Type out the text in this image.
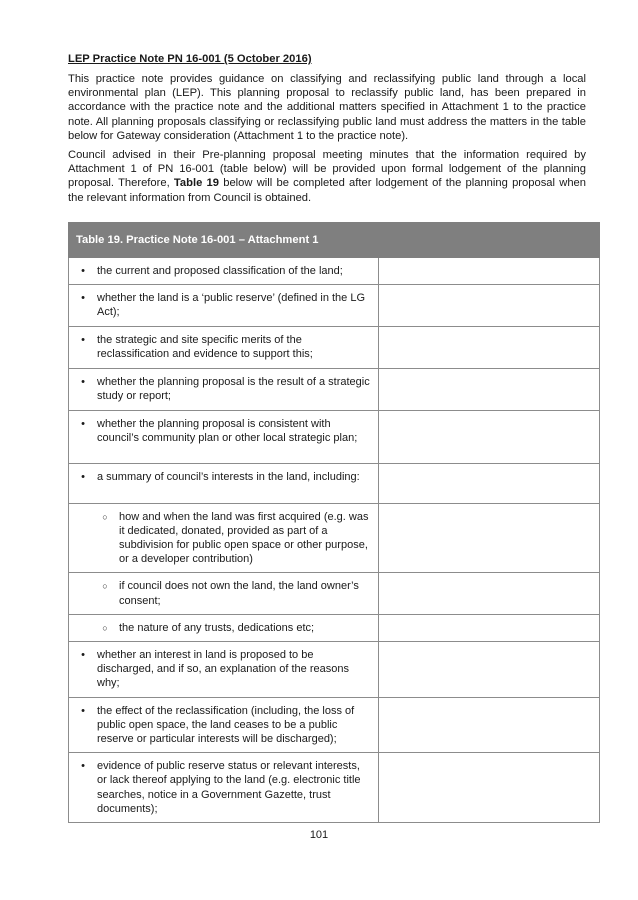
LEP Practice Note PN 16-001 (5 October 2016)

This practice note provides guidance on classifying and reclassifying public land through a local environmental plan (LEP). This planning proposal to reclassify public land, has been prepared in accordance with the practice note and the additional matters specified in Attachment 1 to the practice note. All planning proposals classifying or reclassifying public land must address the matters in the table below for Gateway consideration (Attachment 1 to the practice note).

Council advised in their Pre-planning proposal meeting minutes that the information required by Attachment 1 of PN 16-001 (table below) will be provided upon formal lodgement of the planning proposal. Therefore, Table 19 below will be completed after lodgement of the planning proposal when the relevant information from Council is obtained.

Table 19. Practice Note 16-001 – Attachment 1	

• the current and proposed classification of the land;	

• whether the land is a ‘public reserve’ (defined in the LG Act);	

• the strategic and site specific merits of the reclassification and evidence to support this;	

• whether the planning proposal is the result of a strategic study or report;	

• whether the planning proposal is consistent with council’s community plan or other local strategic plan;	

• a summary of council’s interests in the land, including:	

○ how and when the land was first acquired (e.g. was it dedicated, donated, provided as part of a subdivision for public open space or other purpose, or a developer contribution)	

○ if council does not own the land, the land owner’s consent;	

○ the nature of any trusts, dedications etc;	

• whether an interest in land is proposed to be discharged, and if so, an explanation of the reasons why;	

• the effect of the reclassification (including, the loss of public open space, the land ceases to be a public reserve or particular interests will be discharged);	

• evidence of public reserve status or relevant interests, or lack thereof applying to the land (e.g. electronic title searches, notice in a Government Gazette, trust documents);	

101
